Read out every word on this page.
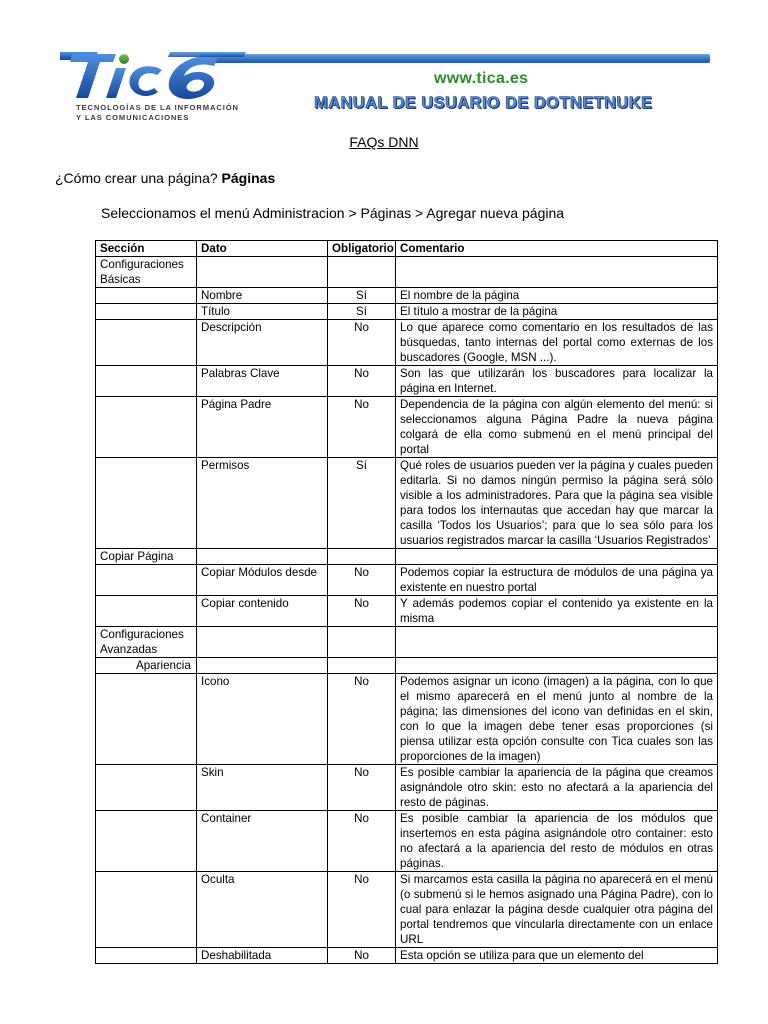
TECNOLOGÍAS DE LA INFORMACIÓN
Y LAS COMUNICACIONES
www.tica.es
MANUAL DE USUARIO DE DOTNETNUKE
FAQs DNN
¿Cómo crear una página? Páginas
Seleccionamos el menú Administracion > Páginas > Agregar nueva página
Sección	Dato	Obligatorio	Comentario
Configuraciones Básicas			
	Nombre	Sí	El nombre de la página
	Título	Sí	El título a mostrar de la página
	Descripción	No	Lo que aparece como comentario en los resultados de las búsquedas, tanto internas del portal como externas de los buscadores (Google, MSN ...).
	Palabras Clave	No	Son las que utilizarán los buscadores para localizar la página en Internet.
	Página Padre	No	Dependencia de la página con algún elemento del menú: si seleccionamos alguna Página Padre la nueva página colgará de ella como submenú en el menú principal del portal
	Permisos	Sí	Qué roles de usuarios pueden ver la página y cuales pueden editarla. Si no damos ningún permiso la página será sólo visible a los administradores. Para que la página sea visible para todos los internautas que accedan hay que marcar la casilla ‘Todos los Usuarios’; para que lo sea sólo para los usuarios registrados marcar la casilla ‘Usuarios Registrados’
Copiar Página			
	Copiar Módulos desde	No	Podemos copiar la estructura de módulos de una página ya existente en nuestro portal
	Copiar contenido	No	Y además podemos copiar el contenido ya existente en la misma
Configuraciones Avanzadas			
Apariencia			
	Icono	No	Podemos asignar un icono (imagen) a la página, con lo que el mismo aparecerá en el menú junto al nombre de la página; las dimensiones del icono van definidas en el skin, con lo que la imagen debe tener esas proporciones (si piensa utilizar esta opción consulte con Tica cuales son las proporciones de la imagen)
	Skin	No	Es posible cambiar la apariencia de la página que creamos asignándole otro skin: esto no afectará a la apariencia del resto de páginas.
	Container	No	Es posible cambiar la apariencia de los módulos que insertemos en esta página asignándole otro container: esto no afectará a la apariencia del resto de módulos en otras páginas.
	Oculta	No	Si marcamos esta casilla la página no aparecerá en el menú (o submenú si le hemos asignado una Página Padre), con lo cual para enlazar la página desde cualquier otra página del portal tendremos que vincularla directamente con un enlace URL
	Deshabilitada	No	Esta opción se utiliza para que un elemento del
